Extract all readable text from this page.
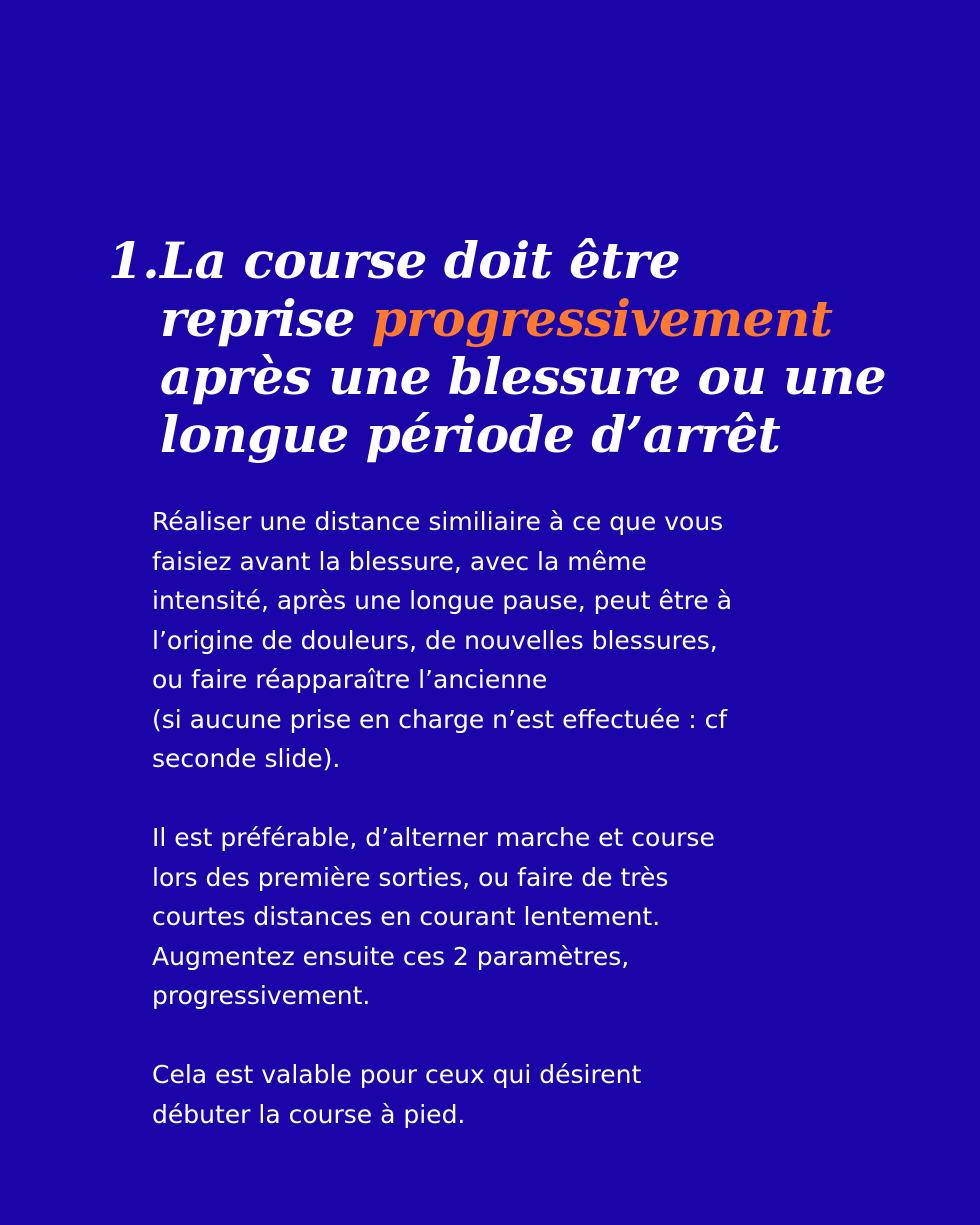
1.La course doit être
reprise progressivement
après une blessure ou une
longue période d’arrêt

Réaliser une distance similiaire à ce que vous
faisiez avant la blessure, avec la même
intensité, après une longue pause, peut être à
l’origine de douleurs, de nouvelles blessures,
ou faire réapparaître l’ancienne
(si aucune prise en charge n’est effectuée : cf
seconde slide).

Il est préférable, d’alterner marche et course
lors des première sorties, ou faire de très
courtes distances en courant lentement.
Augmentez ensuite ces 2 paramètres,
progressivement.

Cela est valable pour ceux qui désirent
débuter la course à pied.
